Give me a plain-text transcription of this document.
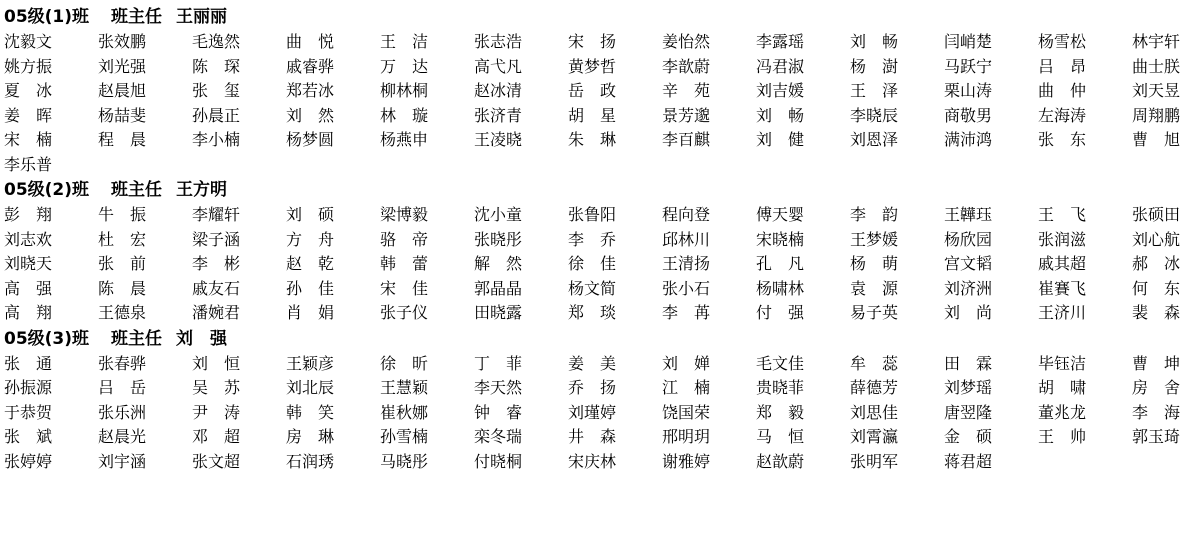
05级(1)班 班主任 王丽丽
沈毅文	张效鹏	毛逸然	曲　悦	王　洁	张志浩	宋　扬	姜怡然	李露瑶	刘　畅	闫峭楚	杨雪松	林宇轩
姚方振	刘光强	陈　琛	戚睿骅	万　达	高弋凡	黄梦哲	李歆蔚	冯君淑	杨　澍	马跃宁	吕　昂	曲士朕
夏　冰	赵晨旭	张　玺	郑若冰	柳林桐	赵冰清	岳　政	辛　苑	刘吉媛	王　泽	栗山涛	曲　仲	刘天昱
姜　晖	杨喆斐	孙晨正	刘　然	林　璇	张济青	胡　星	景芳邈	刘　畅	李晓辰	商敬男	左海涛	周翔鹏
宋　楠	程　晨	李小楠	杨梦圆	杨燕申	王凌晓	朱　琳	李百麒	刘　健	刘恩泽	满沛鸿	张　东	曹　旭
李乐普
05级(2)班 班主任 王方明
彭　翔	牛　振	李耀轩	刘　硕	梁博毅	沈小童	张鲁阳	程向登	傅天婴	李　韵	王韡珏	王　飞	张硕田
刘志欢	杜　宏	梁子涵	方　舟	骆　帝	张晓彤	李　乔	邱林川	宋晓楠	王梦媛	杨欣园	张润滋	刘心航
刘晓天	张　前	李　彬	赵　乾	韩　蕾	解　然	徐　佳	王清扬	孔　凡	杨　萌	宫文韬	戚其超	郝　冰
高　强	陈　晨	戚友石	孙　佳	宋　佳	郭晶晶	杨文简	张小石	杨啸林	袁　源	刘济洲	崔賽飞	何　东
高　翔	王德泉	潘婉君	肖　娟	张子仪	田晓露	郑　琰	李　苒	付　强	易子英	刘　尚	王济川	裴　森
05级(3)班 班主任 刘　强
张　通	张春骅	刘　恒	王颖彦	徐　昕	丁　菲	姜　美	刘　婵	毛文佳	牟　蕊	田　霖	毕钰洁	曹　坤
孙振源	吕　岳	吴　苏	刘北辰	王慧颖	李天然	乔　扬	江　楠	贵晓菲	薛德芳	刘梦瑶	胡　啸	房　舍
于恭贺	张乐洲	尹　涛	韩　笑	崔秋娜	钟　睿	刘瑾婷	饶国荣	郑　毅	刘思佳	唐翌隆	董兆龙	李　海
张　斌	赵晨光	邓　超	房　琳	孙雪楠	栾冬瑞	井　森	邢明玥	马　恒	刘霄瀛	金　硕	王　帅	郭玉琦
张婷婷	刘宇涵	张文超	石润琇	马晓彤	付晓桐	宋庆林	谢雅婷	赵歆蔚	张明军	蒋君超
